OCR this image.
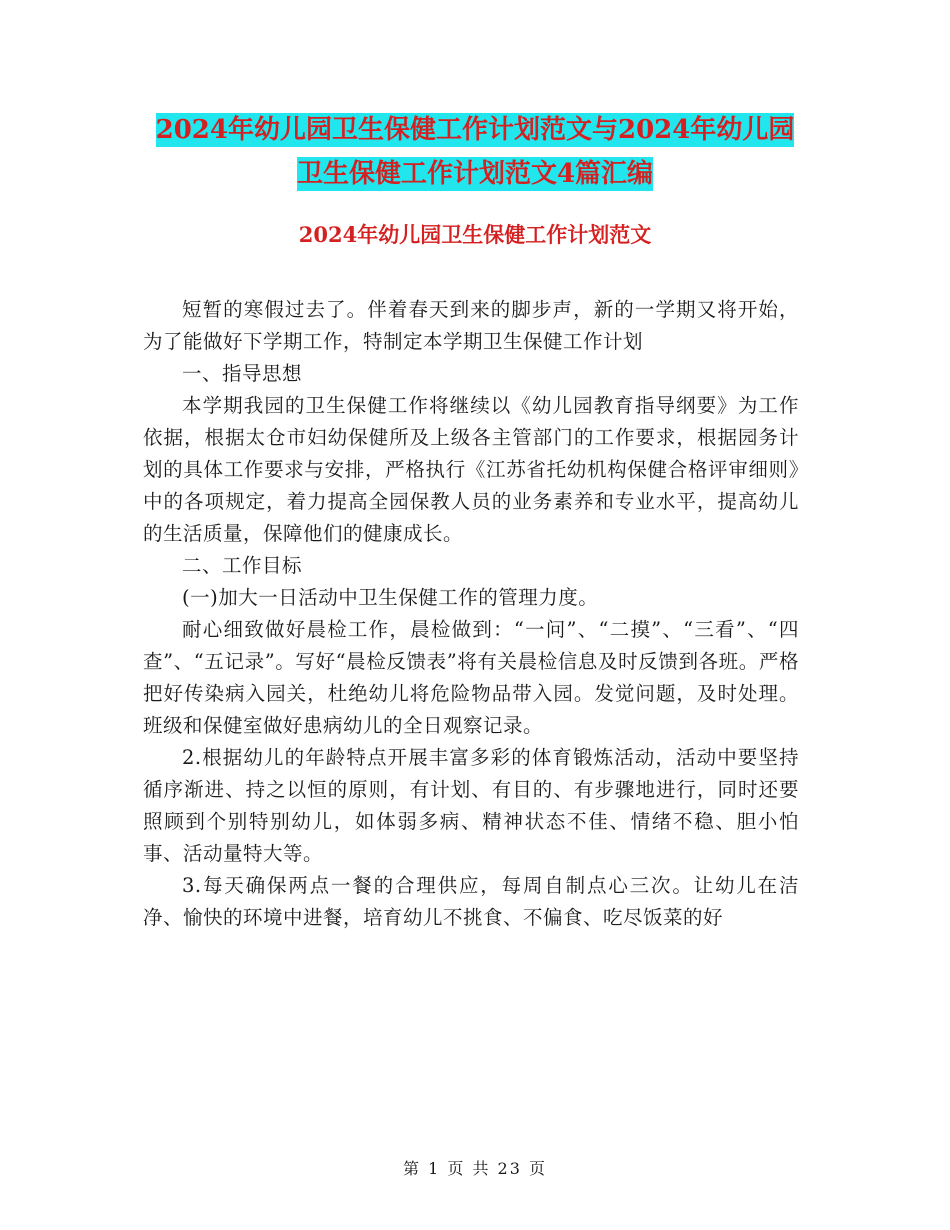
2024年幼儿园卫生保健工作计划范文与2024年幼儿园
卫生保健工作计划范文4篇汇编
2024年幼儿园卫生保健工作计划范文

短暂的寒假过去了。伴着春天到来的脚步声，新的一学期又将开始，为了能做好下学期工作，特制定本学期卫生保健工作计划

一、指导思想

本学期我园的卫生保健工作将继续以《幼儿园教育指导纲要》为工作依据，根据太仓市妇幼保健所及上级各主管部门的工作要求，根据园务计划的具体工作要求与安排，严格执行《江苏省托幼机构保健合格评审细则》中的各项规定，着力提高全园保教人员的业务素养和专业水平，提高幼儿的生活质量，保障他们的健康成长。

二、工作目标

(一)加大一日活动中卫生保健工作的管理力度。

耐心细致做好晨检工作，晨检做到：“一问”、“二摸”、“三看”、“四查”、“五记录”。写好“晨检反馈表”将有关晨检信息及时反馈到各班。严格把好传染病入园关，杜绝幼儿将危险物品带入园。发觉问题，及时处理。班级和保健室做好患病幼儿的全日观察记录。

2.根据幼儿的年龄特点开展丰富多彩的体育锻炼活动，活动中要坚持循序渐进、持之以恒的原则，有计划、有目的、有步骤地进行，同时还要照顾到个别特别幼儿，如体弱多病、精神状态不佳、情绪不稳、胆小怕事、活动量特大等。

3.每天确保两点一餐的合理供应，每周自制点心三次。让幼儿在洁净、愉快的环境中进餐，培育幼儿不挑食、不偏食、吃尽饭菜的好

第 1 页 共 23 页
